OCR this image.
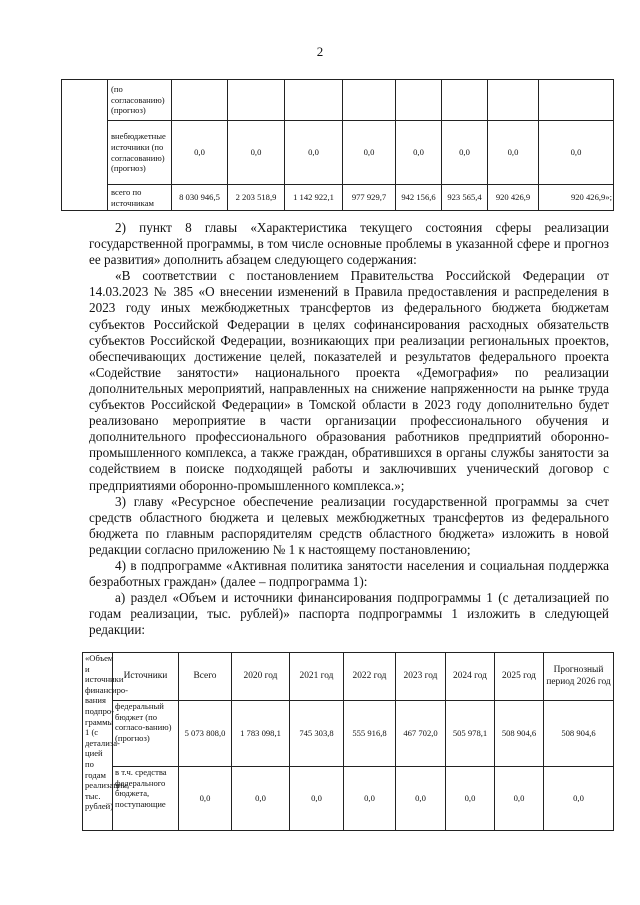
2
	(по согласованию) (прогноз)								
	внебюджетные источники (по согласованию) (прогноз)	0,0	0,0	0,0	0,0	0,0	0,0	0,0	0,0
	всего по источникам	8 030 946,5	2 203 518,9	1 142 922,1	977 929,7	942 156,6	923 565,4	920 426,9	920 426,9»;

2) пункт 8 главы «Характеристика текущего состояния сферы реализации государственной программы, в том числе основные проблемы в указанной сфере и прогноз ее развития» дополнить абзацем следующего содержания:

«В соответствии с постановлением Правительства Российской Федерации от 14.03.2023 № 385 «О внесении изменений в Правила предоставления и распределения в 2023 году иных межбюджетных трансфертов из федерального бюджета бюджетам субъектов Российской Федерации в целях софинансирования расходных обязательств субъектов Российской Федерации, возникающих при реализации региональных проектов, обеспечивающих достижение целей, показателей и результатов федерального проекта «Содействие занятости» национального проекта «Демография» по реализации дополнительных мероприятий, направленных на снижение напряженности на рынке труда субъектов Российской Федерации» в Томской области в 2023 году дополнительно будет реализовано мероприятие в части организации профессионального обучения и дополнительного профессионального образования работников предприятий оборонно-промышленного комплекса, а также граждан, обратившихся в органы службы занятости за содействием в поиске подходящей работы и заключивших ученический договор с предприятиями оборонно-промышленного комплекса.»;

3) главу «Ресурсное обеспечение реализации государственной программы за счет средств областного бюджета и целевых межбюджетных трансфертов из федерального бюджета по главным распорядителям средств областного бюджета» изложить в новой редакции согласно приложению № 1 к настоящему постановлению;

4) в подпрограмме «Активная политика занятости населения и социальная поддержка безработных граждан» (далее – подпрограмма 1):

а) раздел «Объем и источники финансирования подпрограммы 1 (с детализацией по годам реализации, тыс. рублей)» паспорта подпрограммы 1 изложить в следующей редакции:

«Объем и источники финансиро-вания подпро-граммы 1 (с детализа-цией по годам реализации, тыс. рублей)	Источники	Всего	2020 год	2021 год	2022 год	2023 год	2024 год	2025 год	Прогнозный период 2026 год
	федеральный бюджет (по согласо-ванию) (прогноз)	5 073 808,0	1 783 098,1	745 303,8	555 916,8	467 702,0	505 978,1	508 904,6	508 904,6
	в т.ч. средства федерального бюджета, поступающие	0,0	0,0	0,0	0,0	0,0	0,0	0,0	0,0
